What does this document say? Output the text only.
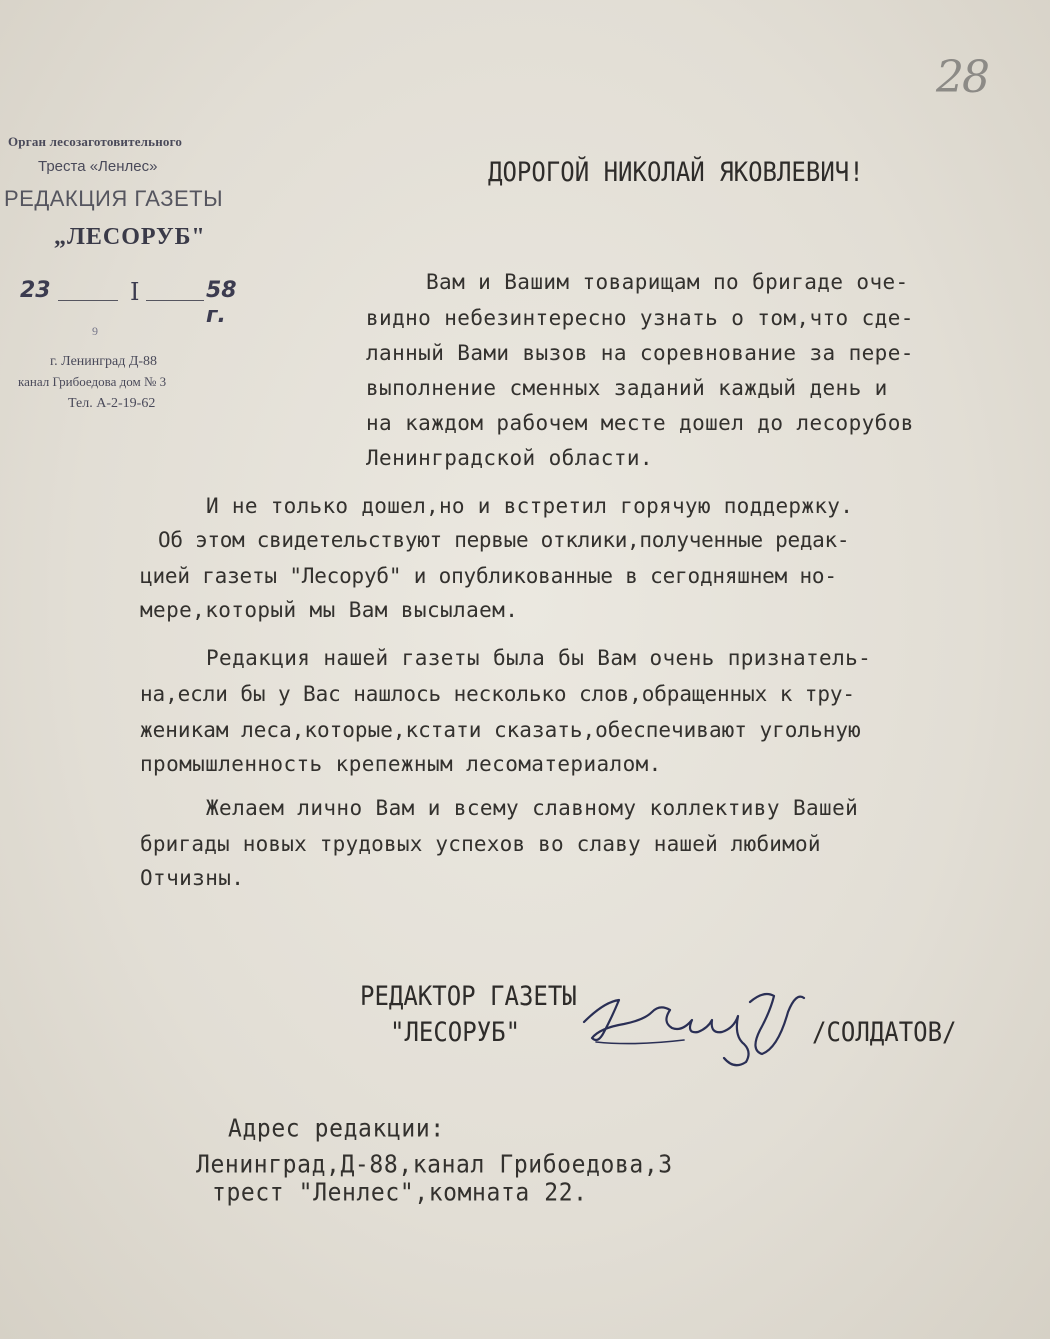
28
Орган лесозаготовительного
Треста «Ленлес»
РЕДАКЦИЯ ГАЗЕТЫ
„ЛЕСОРУБ"
23	I	58 г.
9
г. Ленинград Д-88
канал Грибоедова дом № 3
Тел. А-2-19-62
ДОРОГОЙ НИКОЛАЙ ЯКОВЛЕВИЧ!
Вам и Вашим товарищам по бригаде оче-
видно небезинтересно узнать о том,что сде-
ланный Вами вызов на соревнование за пере-
выполнение сменных заданий каждый день и
на каждом рабочем месте дошел до лесорубов
Ленинградской области.
И не только дошел,но и встретил горячую поддержку.
Об этом свидетельствуют первые отклики,полученные редак-
цией газеты "Лесоруб" и опубликованные в сегодняшнем но-
мере,который мы Вам высылаем.
Редакция нашей газеты была бы Вам очень признатель-
на,если бы у Вас нашлось несколько слов,обращенных к тру-
женикам леса,которые,кстати сказать,обеспечивают угольную
промышленность крепежным лесоматериалом.
Желаем лично Вам и всему славному коллективу Вашей
бригады новых трудовых успехов во славу нашей любимой
Отчизны.
РЕДАКТОР ГАЗЕТЫ
"ЛЕСОРУБ"	/СОЛДАТОВ/
Адрес редакции:
Ленинград,Д-88,канал Грибоедова,3
трест "Ленлес",комната 22.
